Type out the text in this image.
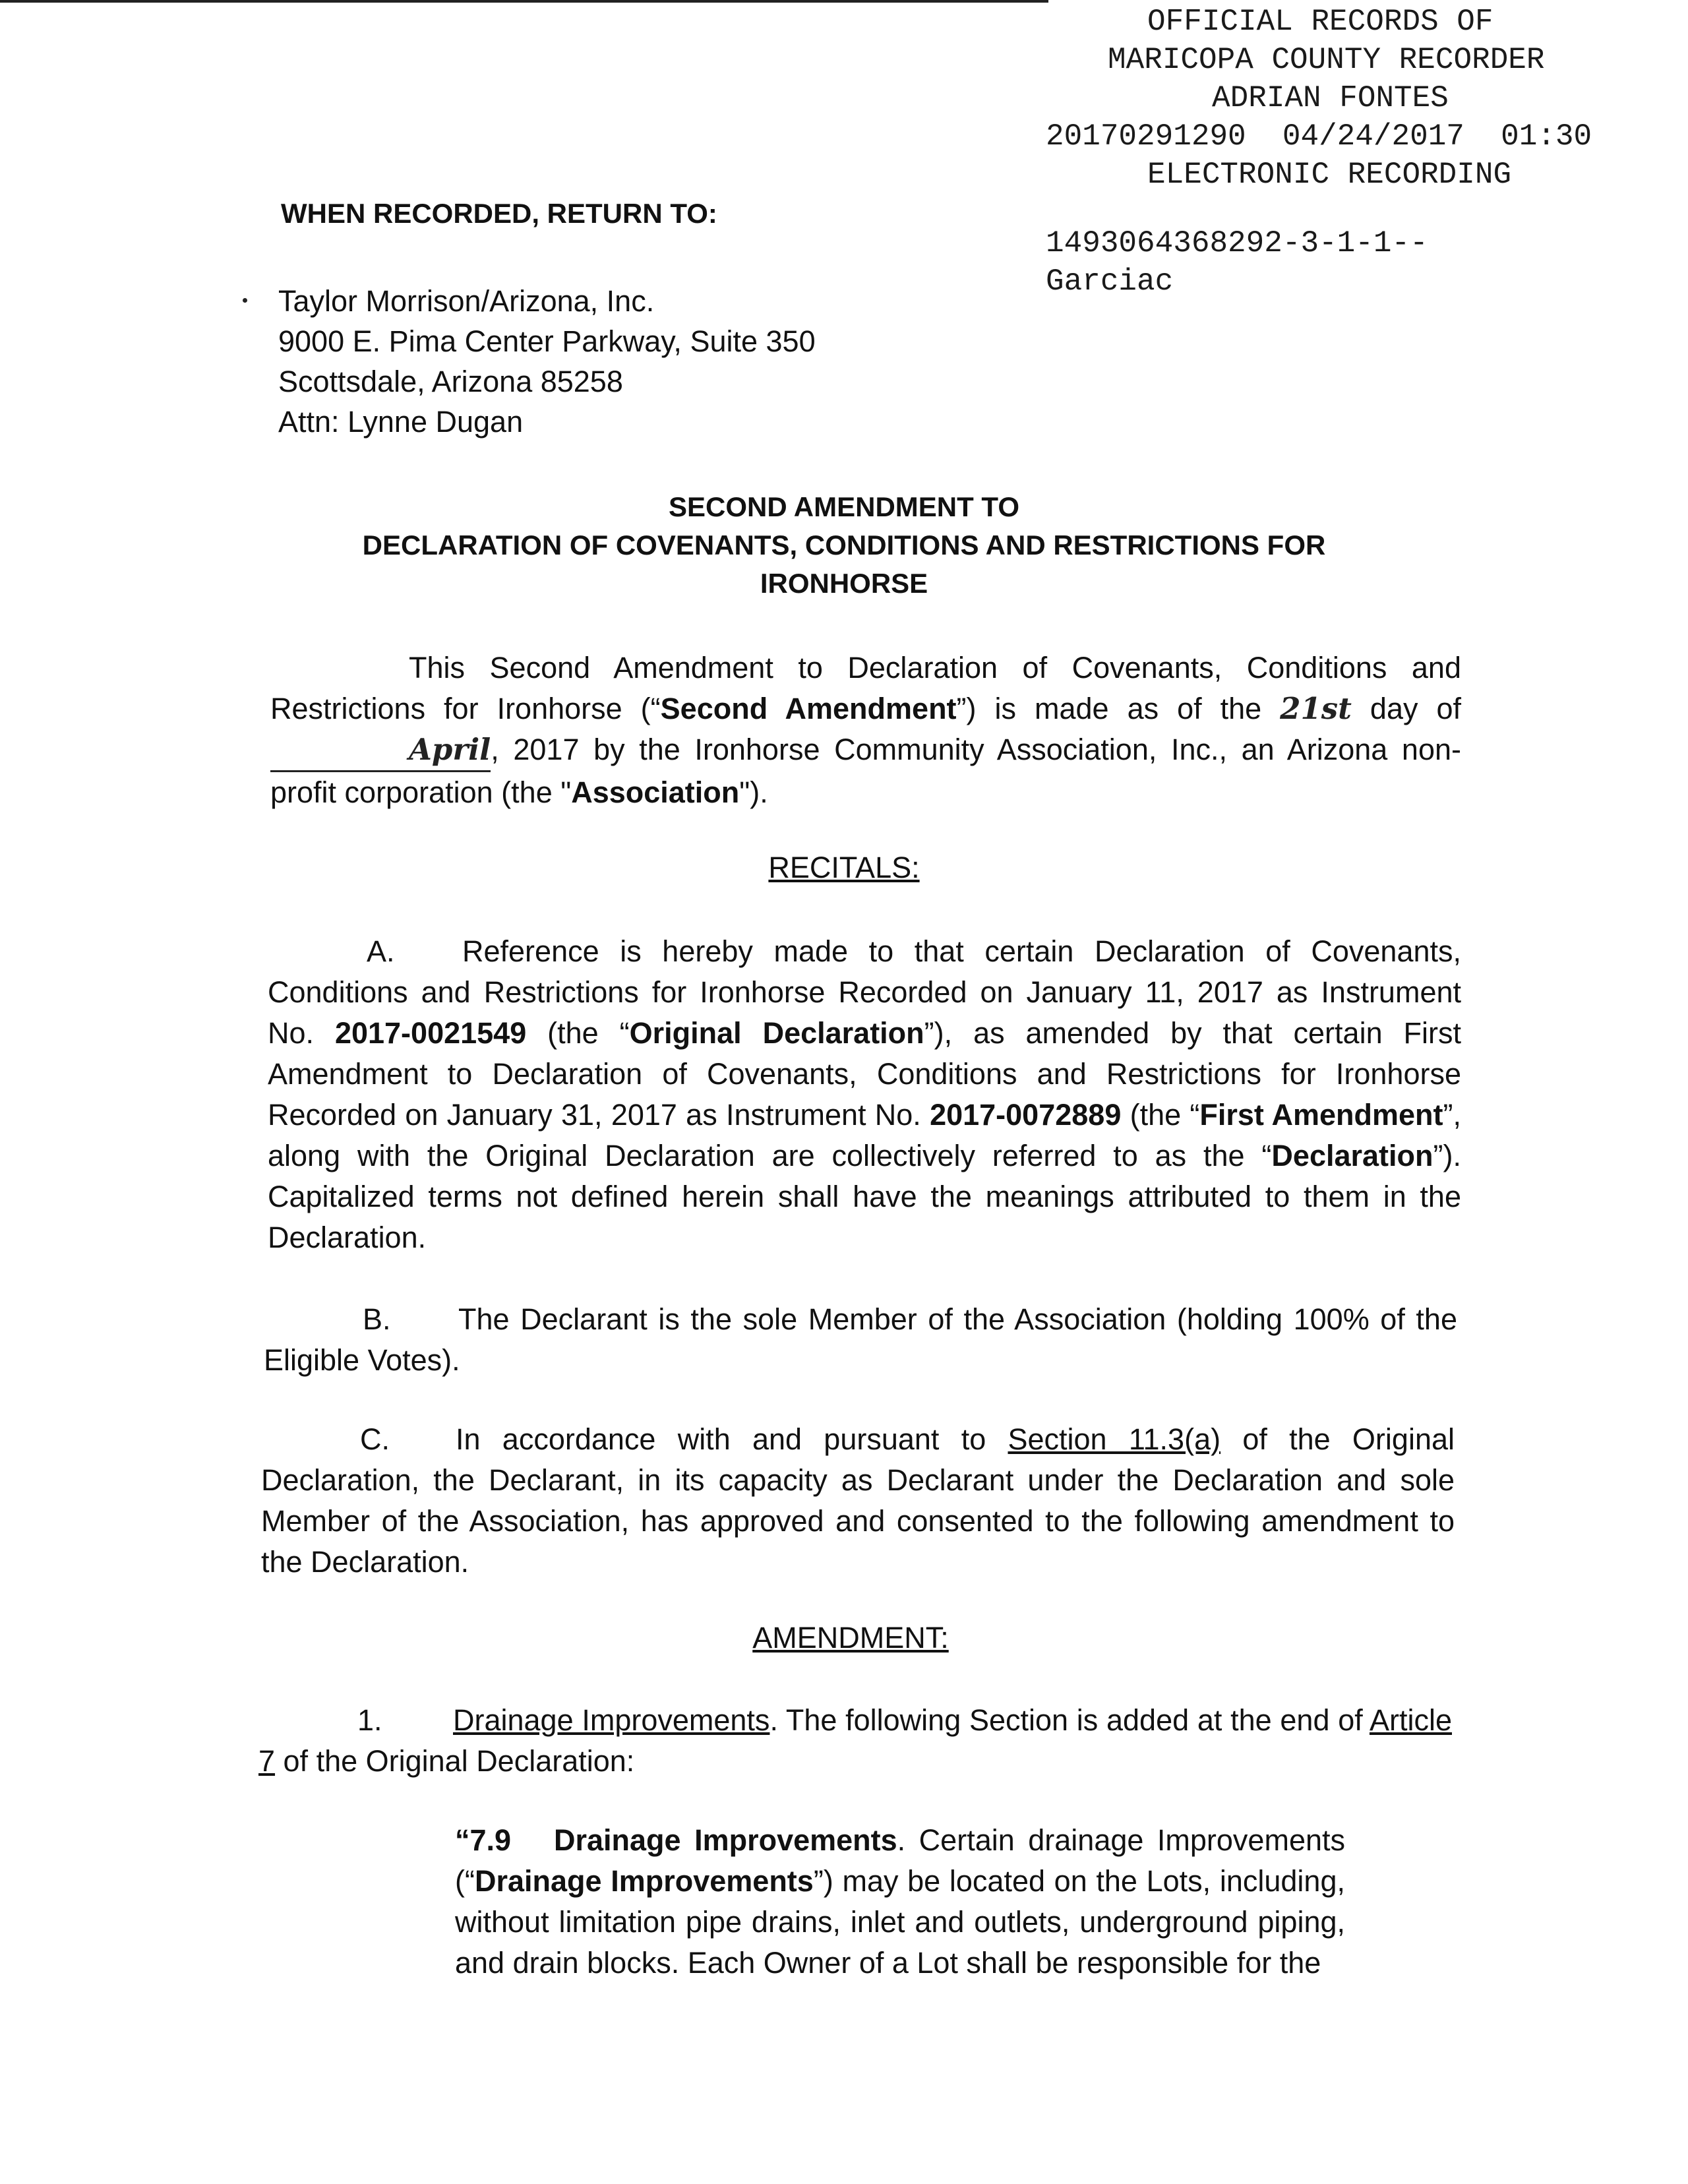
OFFICIAL RECORDS OF
MARICOPA COUNTY RECORDER
ADRIAN FONTES
20170291290  04/24/2017  01:30
ELECTRONIC RECORDING
1493064368292-3-1-1--
Garciac
WHEN RECORDED, RETURN TO:
Taylor Morrison/Arizona, Inc.
9000 E. Pima Center Parkway, Suite 350
Scottsdale, Arizona 85258
Attn: Lynne Dugan
SECOND AMENDMENT TO
DECLARATION OF COVENANTS, CONDITIONS AND RESTRICTIONS FOR
IRONHORSE
This Second Amendment to Declaration of Covenants, Conditions and Restrictions for Ironhorse (“Second Amendment”) is made as of the 21st day of April, 2017 by the Ironhorse Community Association, Inc., an Arizona non-profit corporation (the "Association").
RECITALS:
A. Reference is hereby made to that certain Declaration of Covenants, Conditions and Restrictions for Ironhorse Recorded on January 11, 2017 as Instrument No. 2017-0021549 (the “Original Declaration”), as amended by that certain First Amendment to Declaration of Covenants, Conditions and Restrictions for Ironhorse Recorded on January 31, 2017 as Instrument No. 2017-0072889 (the “First Amendment”, along with the Original Declaration are collectively referred to as the “Declaration”). Capitalized terms not defined herein shall have the meanings attributed to them in the Declaration.
B. The Declarant is the sole Member of the Association (holding 100% of the Eligible Votes).
C. In accordance with and pursuant to Section 11.3(a) of the Original Declaration, the Declarant, in its capacity as Declarant under the Declaration and sole Member of the Association, has approved and consented to the following amendment to the Declaration.
AMENDMENT:
1. Drainage Improvements. The following Section is added at the end of Article 7 of the Original Declaration:
“7.9 Drainage Improvements. Certain drainage Improvements (“Drainage Improvements”) may be located on the Lots, including, without limitation pipe drains, inlet and outlets, underground piping, and drain blocks. Each Owner of a Lot shall be responsible for the
